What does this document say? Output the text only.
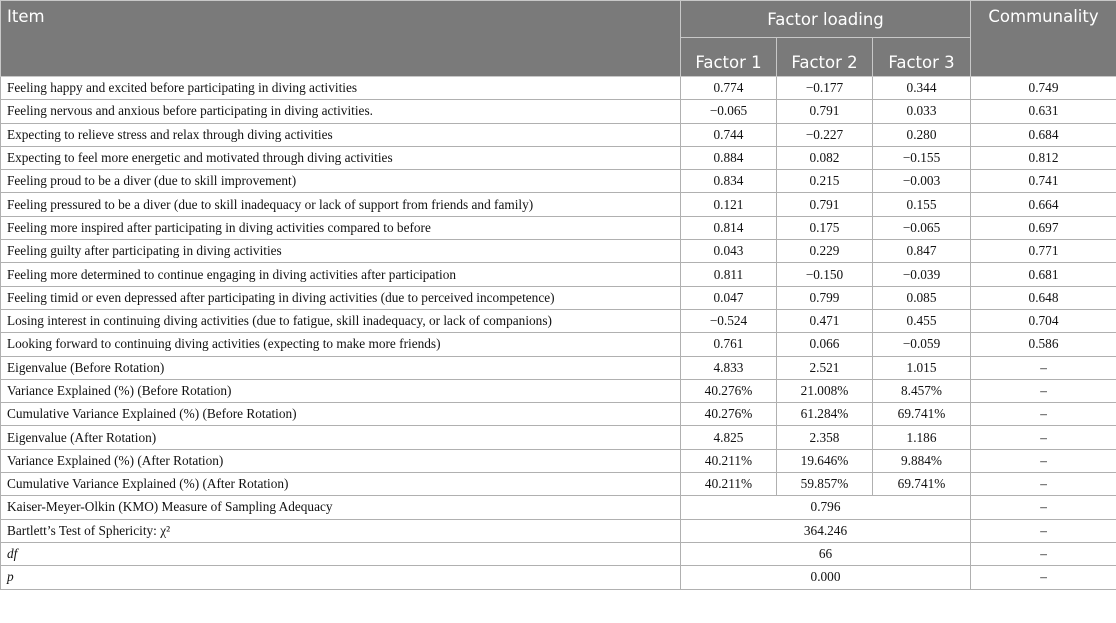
Item	Factor loading			Communality
	Factor 1	Factor 2	Factor 3	
Feeling happy and excited before participating in diving activities	0.774	−0.177	0.344	0.749
Feeling nervous and anxious before participating in diving activities.	−0.065	0.791	0.033	0.631
Expecting to relieve stress and relax through diving activities	0.744	−0.227	0.280	0.684
Expecting to feel more energetic and motivated through diving activities	0.884	0.082	−0.155	0.812
Feeling proud to be a diver (due to skill improvement)	0.834	0.215	−0.003	0.741
Feeling pressured to be a diver (due to skill inadequacy or lack of support from friends and family)	0.121	0.791	0.155	0.664
Feeling more inspired after participating in diving activities compared to before	0.814	0.175	−0.065	0.697
Feeling guilty after participating in diving activities	0.043	0.229	0.847	0.771
Feeling more determined to continue engaging in diving activities after participation	0.811	−0.150	−0.039	0.681
Feeling timid or even depressed after participating in diving activities (due to perceived incompetence)	0.047	0.799	0.085	0.648
Losing interest in continuing diving activities (due to fatigue, skill inadequacy, or lack of companions)	−0.524	0.471	0.455	0.704
Looking forward to continuing diving activities (expecting to make more friends)	0.761	0.066	−0.059	0.586
Eigenvalue (Before Rotation)	4.833	2.521	1.015	–
Variance Explained (%) (Before Rotation)	40.276%	21.008%	8.457%	–
Cumulative Variance Explained (%) (Before Rotation)	40.276%	61.284%	69.741%	–
Eigenvalue (After Rotation)	4.825	2.358	1.186	–
Variance Explained (%) (After Rotation)	40.211%	19.646%	9.884%	–
Cumulative Variance Explained (%) (After Rotation)	40.211%	59.857%	69.741%	–
Kaiser-Meyer-Olkin (KMO) Measure of Sampling Adequacy	0.796			–
Bartlett’s Test of Sphericity: χ²	364.246			–
df	66			–
p	0.000			–
